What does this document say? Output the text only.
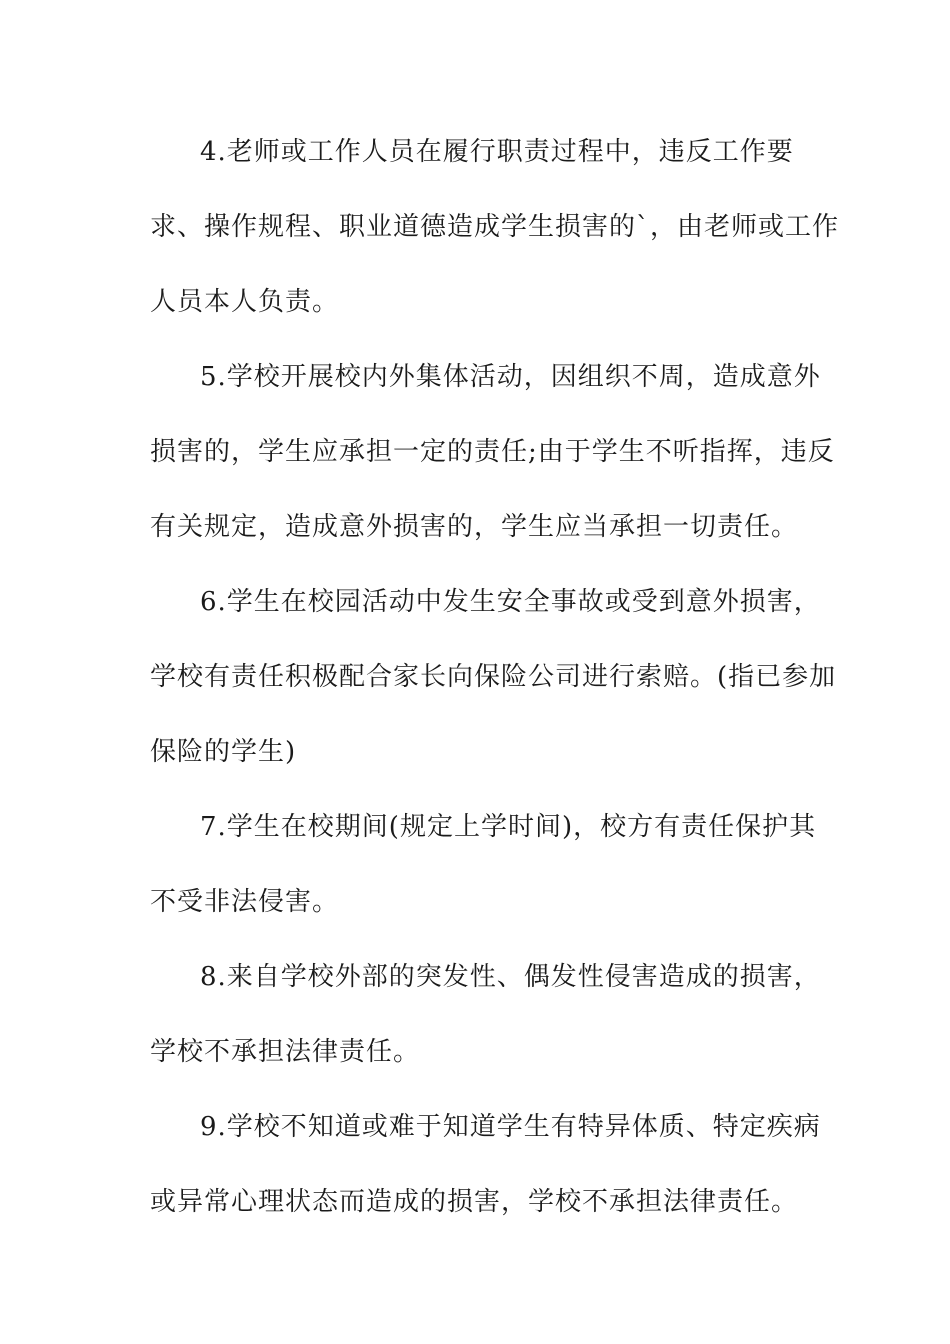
4.老师或工作人员在履行职责过程中，违反工作要
求、操作规程、职业道德造成学生损害的`，由老师或工作
人员本人负责。
5.学校开展校内外集体活动，因组织不周，造成意外
损害的，学生应承担一定的责任;由于学生不听指挥，违反
有关规定，造成意外损害的，学生应当承担一切责任。
6.学生在校园活动中发生安全事故或受到意外损害，
学校有责任积极配合家长向保险公司进行索赔。(指已参加
保险的学生)
7.学生在校期间(规定上学时间)，校方有责任保护其
不受非法侵害。
8.来自学校外部的突发性、偶发性侵害造成的损害，
学校不承担法律责任。
9.学校不知道或难于知道学生有特异体质、特定疾病
或异常心理状态而造成的损害，学校不承担法律责任。
